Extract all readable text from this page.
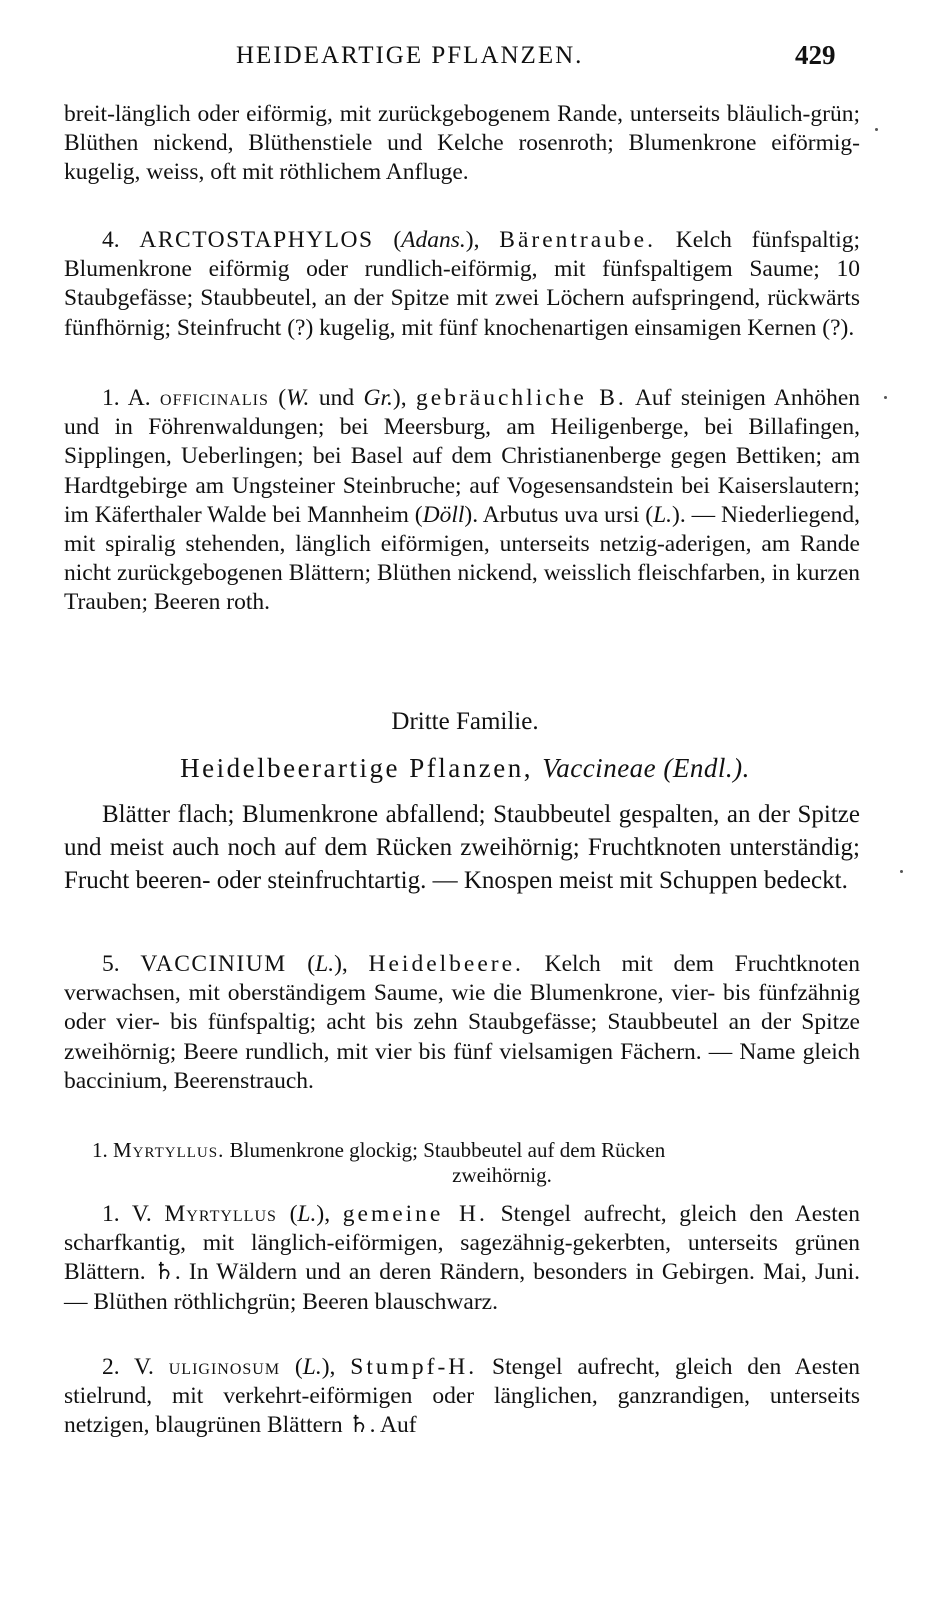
HEIDEARTIGE PFLANZEN.	429

breit-länglich oder eiförmig, mit zurückgebogenem Rande, unterseits bläulich-grün; Blüthen nickend, Blüthenstiele und Kelche rosenroth; Blumenkrone eiförmig-kugelig, weiss, oft mit röthlichem Anfluge.

4. ARCTOSTAPHYLOS (Adans.), Bärentraube. Kelch fünfspaltig; Blumenkrone eiförmig oder rundlich-eiförmig, mit fünfspaltigem Saume; 10 Staubgefässe; Staubbeutel, an der Spitze mit zwei Löchern aufspringend, rückwärts fünfhörnig; Steinfrucht (?) kugelig, mit fünf knochenartigen einsamigen Kernen (?).

1. A. officinalis (W. und Gr.), gebräuchliche B. Auf steinigen Anhöhen und in Föhrenwaldungen; bei Meersburg, am Heiligenberge, bei Billafingen, Sipplingen, Ueberlingen; bei Basel auf dem Christianenberge gegen Bettiken; am Hardtgebirge am Ungsteiner Steinbruche; auf Vogesensandstein bei Kaiserslautern; im Käferthaler Walde bei Mannheim (Döll). Arbutus uva ursi (L.). — Niederliegend, mit spiralig stehenden, länglich eiförmigen, unterseits netzig-aderigen, am Rande nicht zurückgebogenen Blättern; Blüthen nickend, weisslich fleischfarben, in kurzen Trauben; Beeren roth.

Dritte Familie.
Heidelbeerartige Pflanzen, Vaccineae (Endl.).

Blätter flach; Blumenkrone abfallend; Staubbeutel gespalten, an der Spitze und meist auch noch auf dem Rücken zweihörnig; Fruchtknoten unterständig; Frucht beeren- oder steinfruchtartig. — Knospen meist mit Schuppen bedeckt.

5. VACCINIUM (L.), Heidelbeere. Kelch mit dem Fruchtknoten verwachsen, mit oberständigem Saume, wie die Blumenkrone, vier- bis fünfzähnig oder vier- bis fünfspaltig; acht bis zehn Staubgefässe; Staubbeutel an der Spitze zweihörnig; Beere rundlich, mit vier bis fünf vielsamigen Fächern. — Name gleich baccinium, Beerenstrauch.

1. Myrtyllus. Blumenkrone glockig; Staubbeutel auf dem Rücken
zweihörnig.

1. V. Myrtyllus (L.), gemeine H. Stengel aufrecht, gleich den Aesten scharfkantig, mit länglich-eiförmigen, sagezähnig-gekerbten, unterseits grünen Blättern. ♄. In Wäldern und an deren Rändern, besonders in Gebirgen. Mai, Juni. — Blüthen röthlichgrün; Beeren blauschwarz.

2. V. uliginosum (L.), Stumpf-H. Stengel aufrecht, gleich den Aesten stielrund, mit verkehrt-eiförmigen oder länglichen, ganzrandigen, unterseits netzigen, blaugrünen Blättern ♄. Auf
